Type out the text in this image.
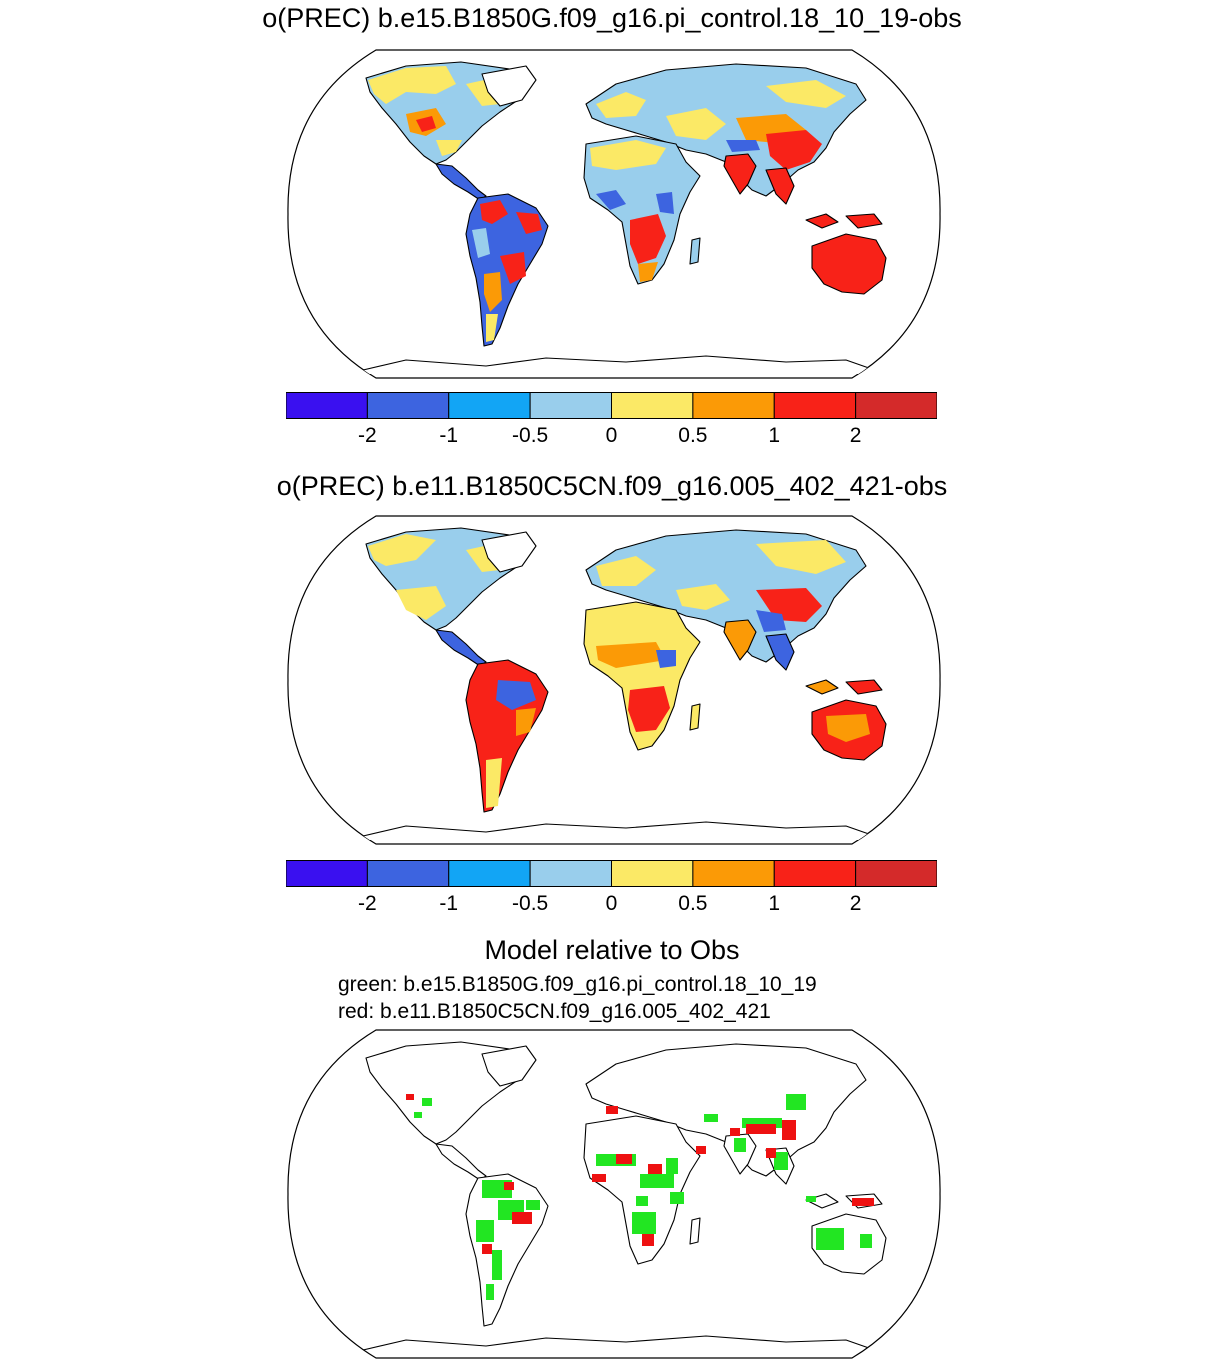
o(PREC) b.e15.B1850G.f09_g16.pi_control.18_10_19-obs
-2	-1	-0.5	0	0.5	1	2
o(PREC) b.e11.B1850C5CN.f09_g16.005_402_421-obs
-2	-1	-0.5	0	0.5	1	2
Model relative to Obs
green: b.e15.B1850G.f09_g16.pi_control.18_10_19
red: b.e11.B1850C5CN.f09_g16.005_402_421
